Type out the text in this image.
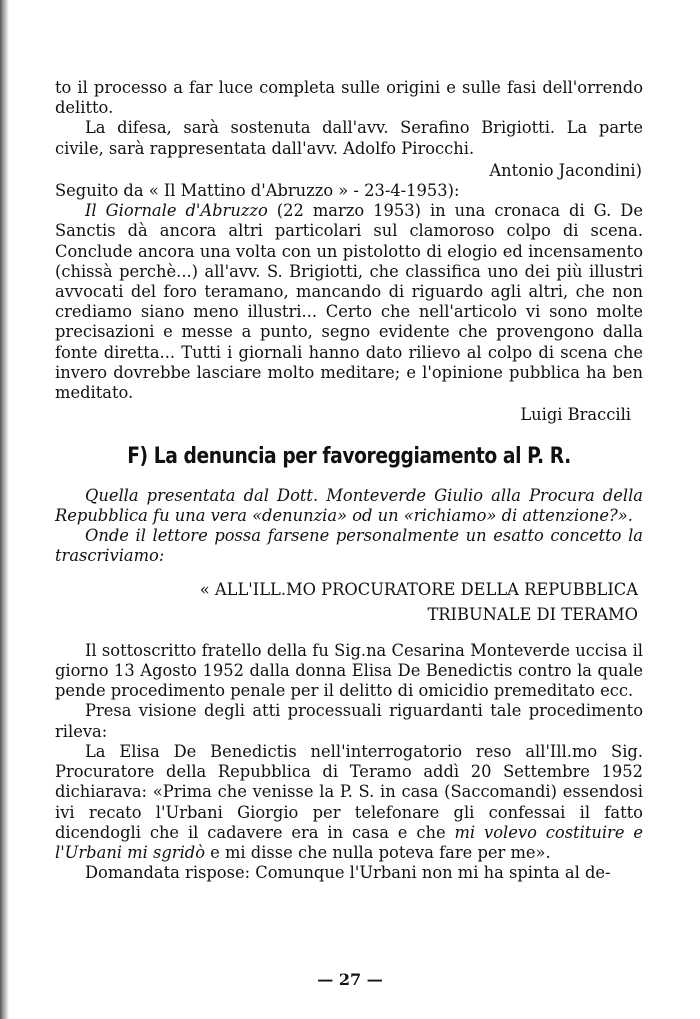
to il processo a far luce completa sulle origini e sulle fasi dell'orrendo delitto.

La difesa, sarà sostenuta dall'avv. Serafino Brigiotti. La parte civile, sarà rappresentata dall'avv. Adolfo Pirocchi.

Antonio Jacondini)

Seguito da « Il Mattino d'Abruzzo » - 23-4-1953):

Il Giornale d'Abruzzo (22 marzo 1953) in una cronaca di G. De Sanctis dà ancora altri particolari sul clamoroso colpo di scena. Conclude ancora una volta con un pistolotto di elogio ed incensamento (chissà perchè...) all'avv. S. Brigiotti, che classifica uno dei più illustri avvocati del foro teramano, mancando di riguardo agli altri, che non crediamo siano meno illustri... Certo che nell'articolo vi sono molte precisazioni e messe a punto, segno evidente che provengono dalla fonte diretta... Tutti i giornali hanno dato rilievo al colpo di scena che invero dovrebbe lasciare molto meditare; e l'opinione pubblica ha ben meditato.

Luigi Braccili

F) La denuncia per favoreggiamento al P. R.

Quella presentata dal Dott. Monteverde Giulio alla Procura della Repubblica fu una vera «denunzia» od un «richiamo» di attenzione?».

Onde il lettore possa farsene personalmente un esatto concetto la trascriviamo:

« ALL'ILL.MO PROCURATORE DELLA REPUBBLICA
TRIBUNALE DI TERAMO

Il sottoscritto fratello della fu Sig.na Cesarina Monteverde uccisa il giorno 13 Agosto 1952 dalla donna Elisa De Benedictis contro la quale pende procedimento penale per il delitto di omicidio premeditato ecc.

Presa visione degli atti processuali riguardanti tale procedimento rileva:

La Elisa De Benedictis nell'interrogatorio reso all'Ill.mo Sig. Procuratore della Repubblica di Teramo addì 20 Settembre 1952 dichiarava: «Prima che venisse la P. S. in casa (Saccomandi) essendosi ivi recato l'Urbani Giorgio per telefonare gli confessai il fatto dicendogli che il cadavere era in casa e che mi volevo costituire e l'Urbani mi sgridò e mi disse che nulla poteva fare per me».

Domandata rispose: Comunque l'Urbani non mi ha spinta al de-

— 27 —
